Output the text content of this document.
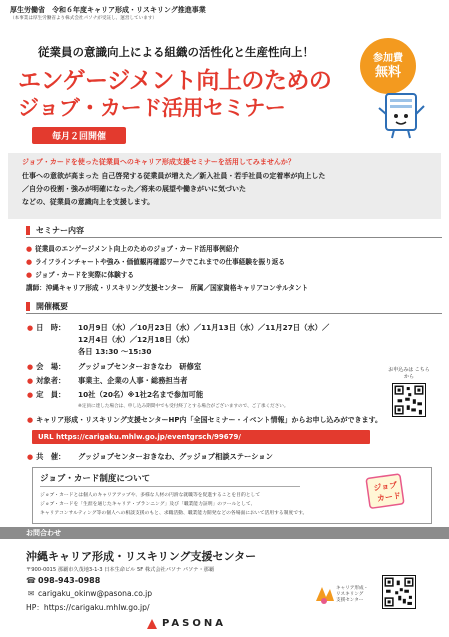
厚生労働省　令和６年度キャリア形成・リスキリング推進事業
（本事業は厚生労働省より株式会社パソナが受託し、運営しています）
従業員の意識向上による組織の活性化と生産性向上！
エンゲージメント向上のための
ジョブ・カード活用セミナー
参加費
無料
毎月２回開催
ジョブ・カードを使った従業員へのキャリア形成支援セミナーを活用してみませんか？
仕事への意欲が高まった 自己啓発する従業員が増えた／新入社員・若手社員の定着率が向上した
／自分の役割・強みが明確になった／将来の展望や働きがいに気づいた
などの、従業員の意識向上を支援します。
セミナー内容
● 従業員のエンゲージメント向上のためのジョブ・カード活用事例紹介
● ライフラインチャートや強み・価値観再確認ワークでこれまでの仕事経験を振り返る
● ジョブ・カードを実際に体験する
講師：沖縄キャリア形成・リスキリング支援センター　所属／国家資格キャリアコンサルタント
開催概要
● 日　時： 10月9日（水）／10月23日（水）／11月13日（水）／11月27日（水）／
12月4日（水）／12月18日（水）
各日 13:30 ～15:30
● 会　場： グッジョブセンターおきなわ　研修室
● 対象者： 事業主、企業の人事・総務担当者
● 定　員： 10社（20名）※1社2名まで参加可能
※定員に達した場合は、申し込み期間中でも受付終了とする場合がございますので、ご了承ください。
お申込みは こちらから
● キャリア形成・リスキリング支援センターHP内「全国セミナー・イベント情報」からお申し込みができます。
URL https://carigaku.mhlw.go.jp/eventgrsch/99679/
● 共　催： グッジョブセンターおきなわ、グッジョブ相談ステーション
ジョブ・カード制度について
ジョブ・カードとは個人のキャリアアップや、多様な人材の円滑な就職等を促進することを目的として
ジョブ・カードを「生涯を通じたキャリア・プランニング」及び「職業能力証明」のツールとして、
キャリアコンサルティング等の個人への相談支援のもと、求職活動、職業能力開発などの各場面において活用する制度です。
ジョブ
カード
お問合わせ
沖縄キャリア形成・リスキリング支援センター
〒900-0015 那覇市久茂地3-1-3 日本生命ビル 5F 株式会社パソナ パソナ・那覇
☎ 098-943-0988
✉ carigaku_okinw@pasona.co.jp
HP：https://carigaku.mhlw.go.jp/
キャリア形成・
リスキリング
支援センター
PASONA
